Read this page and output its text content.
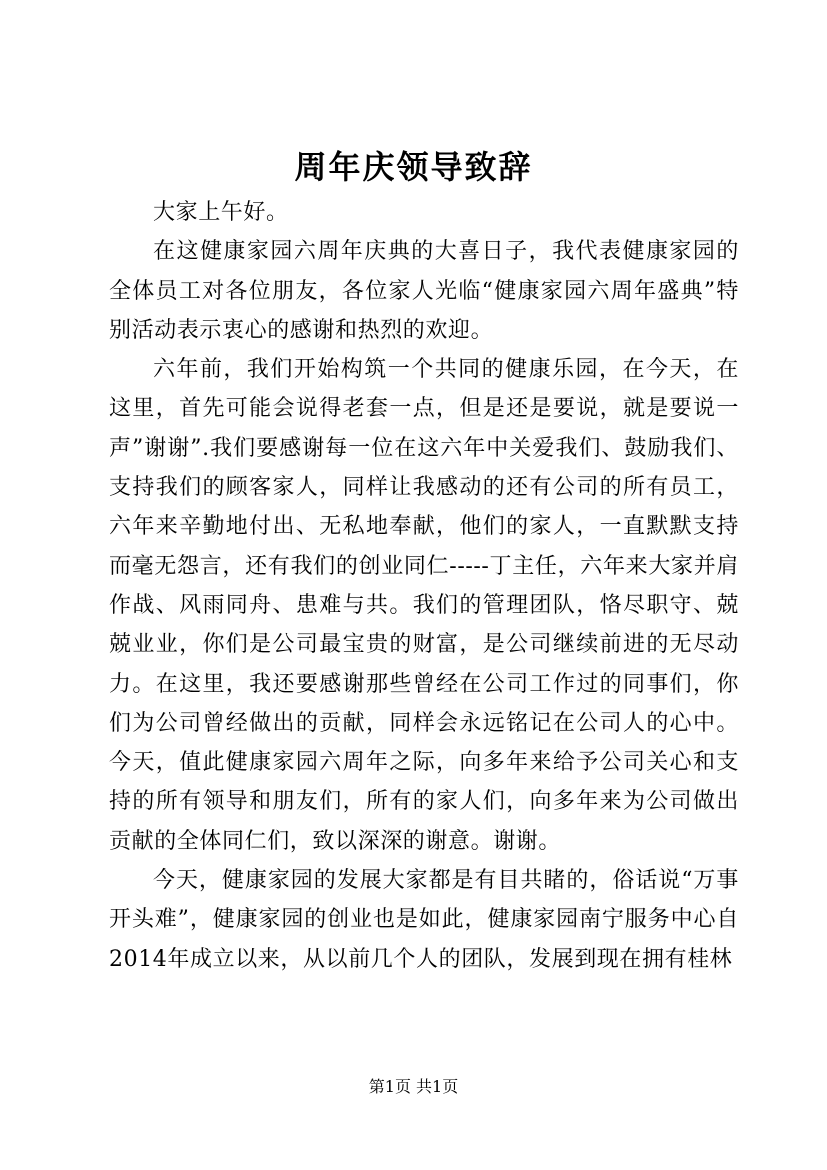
周年庆领导致辞

大家上午好。

在这健康家园六周年庆典的大喜日子，我代表健康家园的全体员工对各位朋友，各位家人光临“健康家园六周年盛典”特别活动表示衷心的感谢和热烈的欢迎。

六年前，我们开始构筑一个共同的健康乐园，在今天，在这里，首先可能会说得老套一点，但是还是要说，就是要说一声”谢谢”.我们要感谢每一位在这六年中关爱我们、鼓励我们、支持我们的顾客家人，同样让我感动的还有公司的所有员工，六年来辛勤地付出、无私地奉献，他们的家人，一直默默支持而毫无怨言，还有我们的创业同仁-----丁主任，六年来大家并肩作战、风雨同舟、患难与共。我们的管理团队，恪尽职守、兢兢业业，你们是公司最宝贵的财富，是公司继续前进的无尽动力。在这里，我还要感谢那些曾经在公司工作过的同事们，你们为公司曾经做出的贡献，同样会永远铭记在公司人的心中。今天，值此健康家园六周年之际，向多年来给予公司关心和支持的所有领导和朋友们，所有的家人们，向多年来为公司做出贡献的全体同仁们，致以深深的谢意。谢谢。

今天，健康家园的发展大家都是有目共睹的，俗话说“万事开头难”，健康家园的创业也是如此，健康家园南宁服务中心自2014年成立以来，从以前几个人的团队，发展到现在拥有桂林

第1页 共1页
